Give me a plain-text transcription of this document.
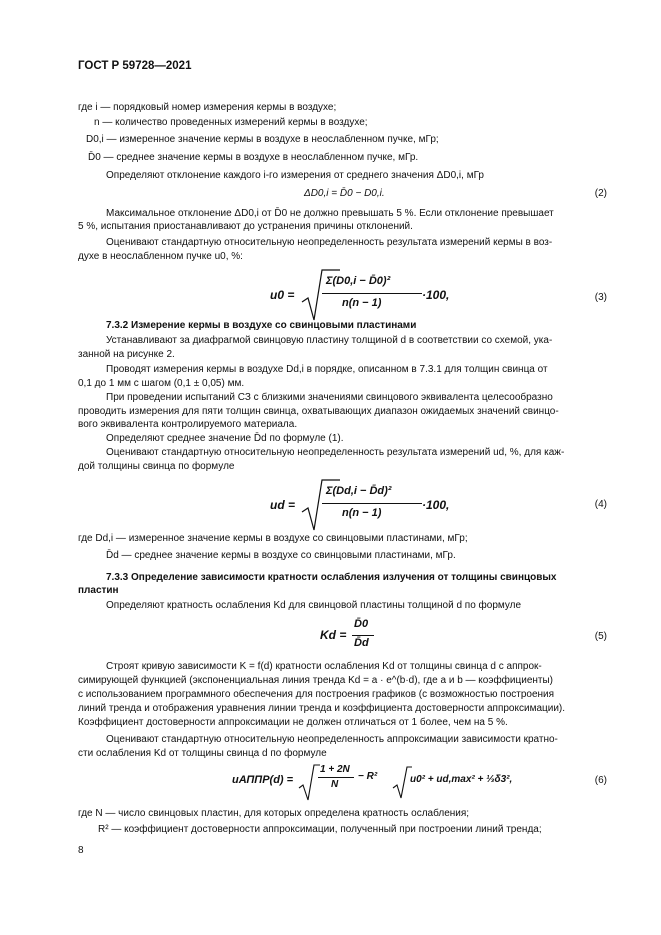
ГОСТ Р 59728—2021
где i — порядковый номер измерения кермы в воздухе;
n — количество проведенных измерений кермы в воздухе;
D0,i — измеренное значение кермы в воздухе в неослабленном пучке, мГр;
D̄0 — среднее значение кермы в воздухе в неослабленном пучке, мГр.
Определяют отклонение каждого i-го измерения от среднего значения ΔD0,i, мГр
ΔD0,i = D̄0 − D0,i.	(2)
Максимальное отклонение ΔD0,i от D̄0 не должно превышать 5 %. Если отклонение превышает
5 %, испытания приостанавливают до устранения причины отклонений.
Оценивают стандартную относительную неопределенность результата измерений кермы в воз-
духе в неослабленном пучке u0, %:
u0 =
Σ(D0,i − D̄0)²
n(n − 1)
·100,	(3)
7.3.2 Измерение кермы в воздухе со свинцовыми пластинами
Устанавливают за диафрагмой свинцовую пластину толщиной d в соответствии со схемой, ука-
занной на рисунке 2.
Проводят измерения кермы в воздухе Dd,i в порядке, описанном в 7.3.1 для толщин свинца от
0,1 до 1 мм с шагом (0,1 ± 0,05) мм.
При проведении испытаний СЗ с близкими значениями свинцового эквивалента целесообразно
проводить измерения для пяти толщин свинца, охватывающих диапазон ожидаемых значений свинцо-
вого эквивалента контролируемого материала.
Определяют среднее значение D̄d по формуле (1).
Оценивают стандартную относительную неопределенность результата измерений ud, %, для каж-
дой толщины свинца по формуле
ud =
Σ(Dd,i − D̄d)²
n(n − 1)
·100,	(4)
где Dd,i — измеренное значение кермы в воздухе со свинцовыми пластинами, мГр;
D̄d — среднее значение кермы в воздухе со свинцовыми пластинами, мГр.
7.3.3 Определение зависимости кратности ослабления излучения от толщины свинцовых
пластин
Определяют кратность ослабления Kd для свинцовой пластины толщиной d по формуле
Kd =
D̄0
D̄d
(5)
Строят кривую зависимости K = f(d) кратности ослабления Kd от толщины свинца d с аппрок-
симирующей функцией (экспоненциальная линия тренда Kd = a · e^(b·d), где a и b — коэффициенты)
с использованием программного обеспечения для построения графиков (с возможностью построения
линий тренда и отображения уравнения линии тренда и коэффициента достоверности аппроксимации).
Коэффициент достоверности аппроксимации не должен отличаться от 1 более, чем на 5 %.
Оценивают стандартную относительную неопределенность аппроксимации зависимости кратно-
сти ослабления Kd от толщины свинца d по формуле
uАППР(d) =
1 + 2N
N
− R²	u0² + ud,max² + ⅓δ3²,	(6)
где N — число свинцовых пластин, для которых определена кратность ослабления;
R² — коэффициент достоверности аппроксимации, полученный при построении линий тренда;
8
